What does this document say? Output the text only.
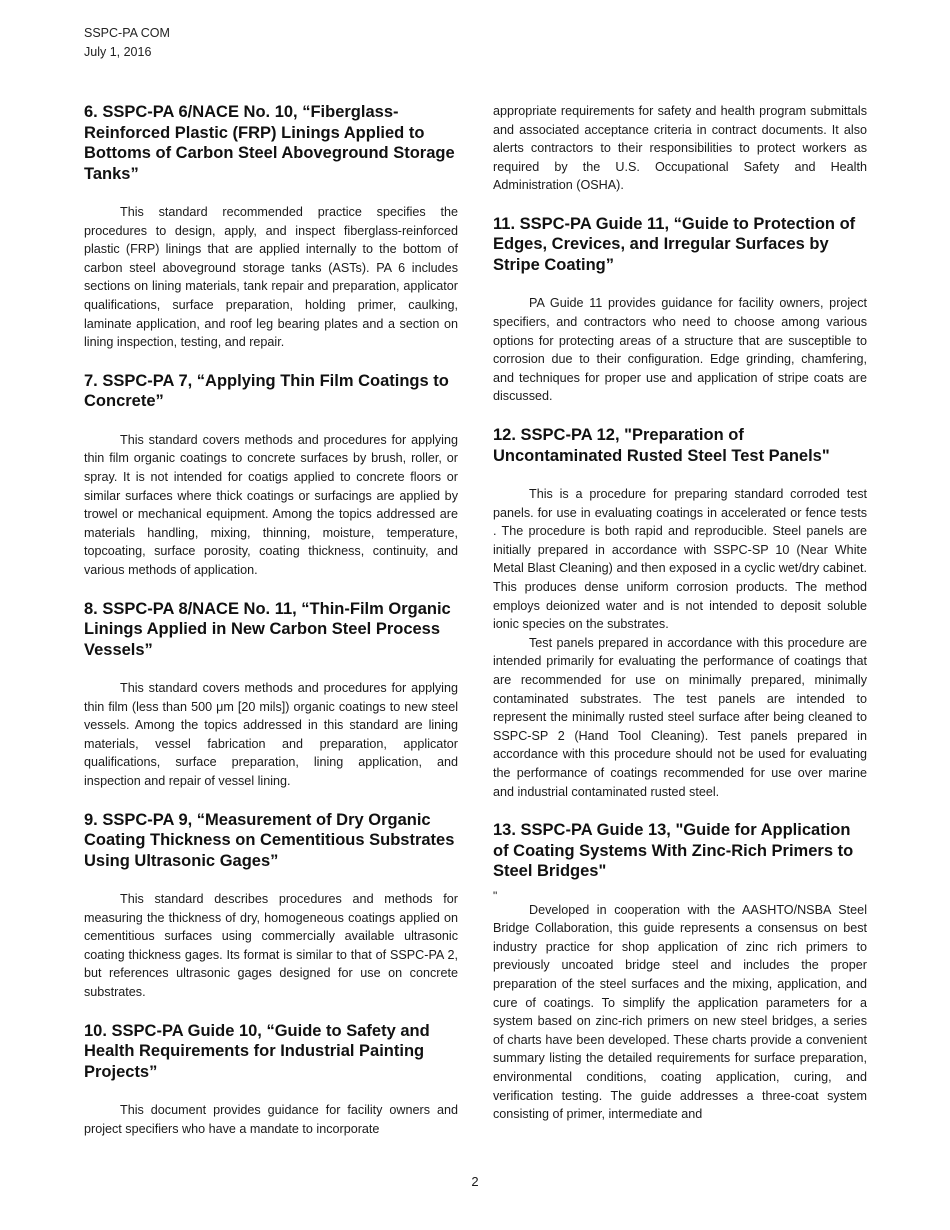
SSPC-PA COM
July 1, 2016
6. SSPC-PA 6/NACE No. 10, “Fiberglass-Reinforced Plastic (FRP) Linings Applied to Bottoms of Carbon Steel Aboveground Storage Tanks”

This standard recommended practice specifies the procedures to design, apply, and inspect fiberglass-reinforced plastic (FRP) linings that are applied internally to the bottom of carbon steel aboveground storage tanks (ASTs). PA 6 includes sections on lining materials, tank repair and preparation, applicator qualifications, surface preparation, holding primer, caulking, laminate application, and roof leg bearing plates and a section on lining inspection, testing, and repair.

7. SSPC-PA 7, “Applying Thin Film Coatings to Concrete”

This standard covers methods and procedures for applying thin film organic coatings to concrete surfaces by brush, roller, or spray. It is not intended for coatigs applied to concrete floors or similar surfaces where thick coatings or surfacings are applied by trowel or mechanical equipment. Among the topics addressed are materials handling, mixing, thinning, moisture, temperature, topcoating, surface porosity, coating thickness, continuity, and various methods of application.

8. SSPC-PA 8/NACE No. 11, “Thin-Film Organic Linings Applied in New Carbon Steel Process Vessels”

This standard covers methods and procedures for applying thin film (less than 500 μm [20 mils]) organic coatings to new steel vessels. Among the topics addressed in this standard are lining materials, vessel fabrication and preparation, applicator qualifications, surface preparation, lining application, and inspection and repair of vessel lining.

9. SSPC-PA 9, “Measurement of Dry Organic Coating Thickness on Cementitious Substrates Using Ultrasonic Gages”

This standard describes procedures and methods for measuring the thickness of dry, homogeneous coatings applied on cementitious surfaces using commercially available ultrasonic coating thickness gages. Its format is similar to that of SSPC-PA 2, but references ultrasonic gages designed for use on concrete substrates.

10. SSPC-PA Guide 10, “Guide to Safety and Health Requirements for Industrial Painting Projects”

This document provides guidance for facility owners and project specifiers who have a mandate to incorporate

appropriate requirements for safety and health program submittals and associated acceptance criteria in contract documents. It also alerts contractors to their responsibilities to protect workers as required by the U.S. Occupational Safety and Health Administration (OSHA).

11. SSPC-PA Guide 11, “Guide to Protection of Edges, Crevices, and Irregular Surfaces by Stripe Coating”

PA Guide 11 provides guidance for facility owners, project specifiers, and contractors who need to choose among various options for protecting areas of a structure that are susceptible to corrosion due to their configuration. Edge grinding, chamfering, and techniques for proper use and application of stripe coats are discussed.

12. SSPC-PA 12, "Preparation of Uncontaminated Rusted Steel Test Panels"

This is a procedure for preparing standard corroded test panels. for use in evaluating coatings in accelerated or fence tests . The procedure is both rapid and reproducible. Steel panels are initially prepared in accordance with SSPC-SP 10 (Near White Metal Blast Cleaning) and then exposed in a cyclic wet/dry cabinet. This produces dense uniform corrosion products. The method employs deionized water and is not intended to deposit soluble ionic species on the substrates.

Test panels prepared in accordance with this procedure are intended primarily for evaluating the performance of coatings that are recommended for use on minimally prepared, minimally contaminated substrates. The test panels are intended to represent the minimally rusted steel surface after being cleaned to SSPC-SP 2 (Hand Tool Cleaning). Test panels prepared in accordance with this procedure should not be used for evaluating the performance of coatings recommended for use over marine and industrial contaminated rusted steel.

13. SSPC-PA Guide 13, "Guide for Application of Coating Systems With Zinc-Rich Primers to Steel Bridges"
"

Developed in cooperation with the AASHTO/NSBA Steel Bridge Collaboration, this guide represents a consensus on best industry practice for shop application of zinc rich primers to previously uncoated bridge steel and includes the proper preparation of the steel surfaces and the mixing, application, and cure of coatings. To simplify the application parameters for a system based on zinc-rich primers on new steel bridges, a series of charts have been developed. These charts provide a convenient summary listing the detailed requirements for surface preparation, environmental conditions, coating application, curing, and verification testing. The guide addresses a three-coat system consisting of primer, intermediate and

2
